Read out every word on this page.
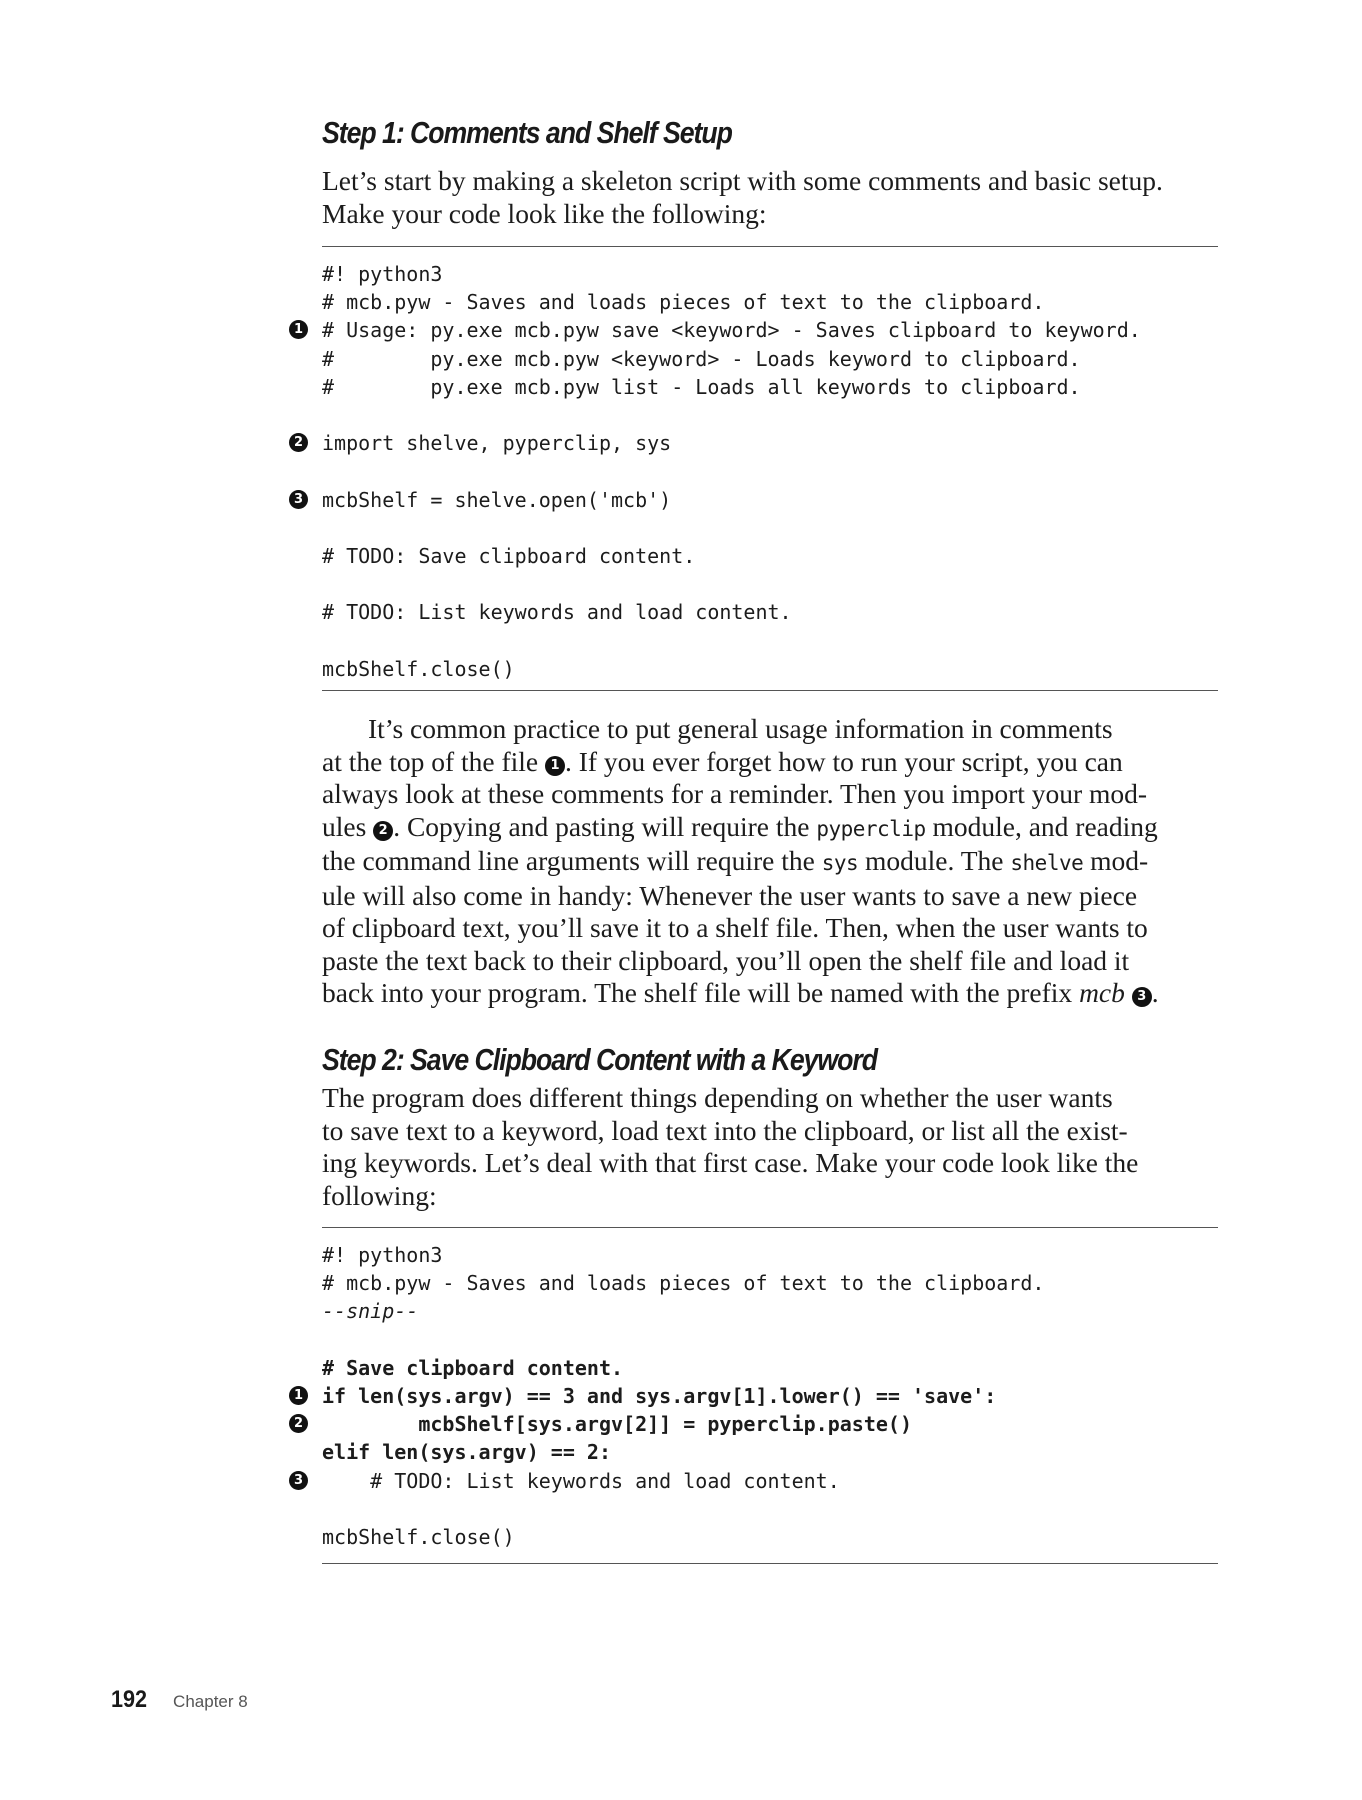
Step 1: Comments and Shelf Setup
Let’s start by making a skeleton script with some comments and basic setup.
Make your code look like the following:
#! python3
# mcb.pyw - Saves and loads pieces of text to the clipboard.
1 # Usage: py.exe mcb.pyw save <keyword> - Saves clipboard to keyword.
#        py.exe mcb.pyw <keyword> - Loads keyword to clipboard.
#        py.exe mcb.pyw list - Loads all keywords to clipboard.
2 import shelve, pyperclip, sys
3 mcbShelf = shelve.open('mcb')
# TODO: Save clipboard content.
# TODO: List keywords and load content.
mcbShelf.close()
It’s common practice to put general usage information in comments
at the top of the file 1 . If you ever forget how to run your script, you can
always look at these comments for a reminder. Then you import your mod-
ules 2 . Copying and pasting will require the pyperclip module, and reading
the command line arguments will require the sys module. The shelve mod-
ule will also come in handy: Whenever the user wants to save a new piece
of clipboard text, you’ll save it to a shelf file. Then, when the user wants to
paste the text back to their clipboard, you’ll open the shelf file and load it
back into your program. The shelf file will be named with the prefix mcb 3 .
Step 2: Save Clipboard Content with a Keyword
The program does different things depending on whether the user wants
to save text to a keyword, load text into the clipboard, or list all the exist-
ing keywords. Let’s deal with that first case. Make your code look like the
following:
#! python3
# mcb.pyw - Saves and loads pieces of text to the clipboard.
--snip--
# Save clipboard content.
1 if len(sys.argv) == 3 and sys.argv[1].lower() == 'save':
2 mcbShelf[sys.argv[2]] = pyperclip.paste()
elif len(sys.argv) == 2:
3 # TODO: List keywords and load content.
mcbShelf.close()
192 Chapter 8
